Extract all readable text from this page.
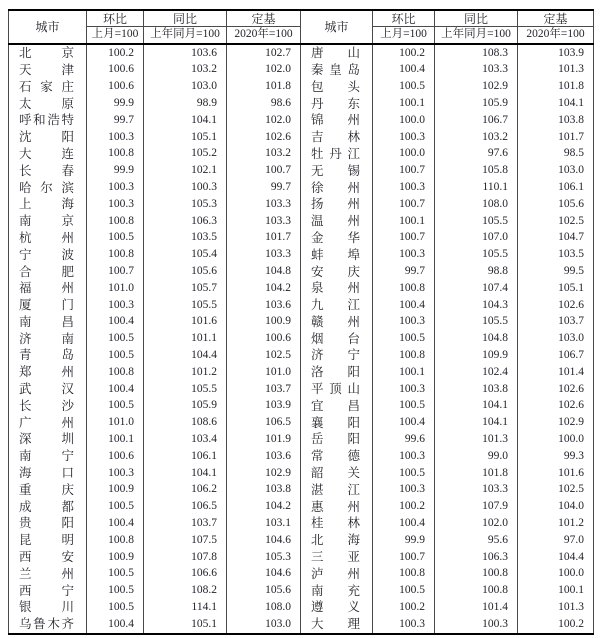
城市	环比	同比	定基	城市	环比	同比	定基
	上月=100	上年同月=100	2020年=100		上月=100	上年同月=100	2020年=100

北京	100.2	103.6	102.7	唐山	100.2	108.3	103.9

天津	100.6	103.2	102.0	秦皇岛	100.4	103.3	101.3

石家庄	100.6	103.0	101.8	包头	100.5	102.9	101.8

太原	99.9	98.9	98.6	丹东	100.1	105.9	104.1

呼和浩特	99.7	104.1	102.0	锦州	100.0	106.7	103.8

沈阳	100.3	105.1	102.6	吉林	100.3	103.2	101.7

大连	100.8	105.2	103.2	牡丹江	100.0	97.6	98.5

长春	99.9	102.1	100.7	无锡	100.7	105.8	103.0

哈尔滨	100.3	100.3	99.7	徐州	100.3	110.1	106.1

上海	100.3	105.3	103.3	扬州	100.7	108.0	105.6

南京	100.8	106.3	103.3	温州	100.1	105.5	102.5

杭州	100.5	103.5	101.7	金华	100.7	107.0	104.7

宁波	100.8	105.4	103.3	蚌埠	100.3	105.5	103.5

合肥	100.7	105.6	104.8	安庆	99.7	98.8	99.5

福州	101.0	105.7	104.2	泉州	100.8	107.4	105.1

厦门	100.3	105.5	103.6	九江	100.4	104.3	102.6

南昌	100.4	101.6	100.9	赣州	100.3	105.5	103.7

济南	100.5	101.1	100.6	烟台	100.5	104.8	103.0

青岛	100.5	104.4	102.5	济宁	100.8	109.9	106.7

郑州	100.8	101.2	101.0	洛阳	100.1	102.4	101.4

武汉	100.4	105.5	103.7	平顶山	100.3	103.8	102.6

长沙	100.5	105.9	103.9	宜昌	100.5	104.1	102.6

广州	101.0	108.6	106.5	襄阳	100.4	104.1	102.9

深圳	100.1	103.4	101.9	岳阳	99.6	101.3	100.0

南宁	100.6	106.1	103.6	常德	100.3	99.0	99.3

海口	100.3	104.1	102.9	韶关	100.5	101.8	101.6

重庆	100.9	106.2	103.8	湛江	100.3	103.3	102.5

成都	100.5	106.5	104.2	惠州	100.2	107.9	104.0

贵阳	100.4	103.7	103.1	桂林	100.4	102.0	101.2

昆明	100.8	107.5	104.6	北海	99.9	95.6	97.0

西安	100.9	107.8	105.3	三亚	100.7	106.3	104.4

兰州	100.5	106.6	104.6	泸州	100.8	100.8	100.0

西宁	100.5	108.2	105.6	南充	100.5	100.8	100.1

银川	100.5	114.1	108.0	遵义	100.2	101.4	101.3

乌鲁木齐	100.4	105.1	103.0	大理	100.3	100.3	100.2
